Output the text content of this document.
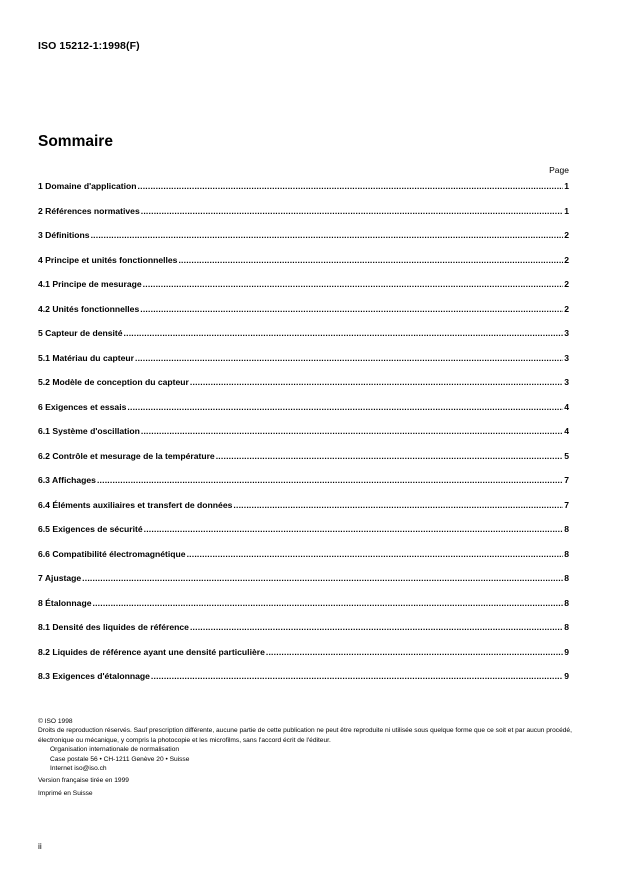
ISO 15212-1:1998(F)
Sommaire
Page
1 Domaine d'application .....	1
2 Références normatives .....	1
3 Définitions .....	2
4 Principe et unités fonctionnelles .....	2
4.1 Principe de mesurage .....	2
4.2 Unités fonctionnelles .....	2
5 Capteur de densité .....	3
5.1 Matériau du capteur .....	3
5.2 Modèle de conception du capteur .....	3
6 Exigences et essais .....	4
6.1 Système d'oscillation .....	4
6.2 Contrôle et mesurage de la température .....	5
6.3 Affichages .....	7
6.4 Éléments auxiliaires et transfert de données .....	7
6.5 Exigences de sécurité .....	8
6.6 Compatibilité électromagnétique .....	8
7 Ajustage .....	8
8 Étalonnage .....	8
8.1 Densité des liquides de référence .....	8
8.2 Liquides de référence ayant une densité particulière .....	9
8.3 Exigences d'étalonnage .....	9

© ISO 1998

Droits de reproduction réservés. Sauf prescription différente, aucune partie de cette publication ne peut être reproduite ni utilisée sous quelque forme que ce soit et par aucun procédé, électronique ou mécanique, y compris la photocopie et les microfilms, sans l'accord écrit de l'éditeur.

Organisation internationale de normalisation

Case postale 56 • CH-1211 Genève 20 • Suisse

Internet iso@iso.ch

Version française tirée en 1999

Imprimé en Suisse

ii
